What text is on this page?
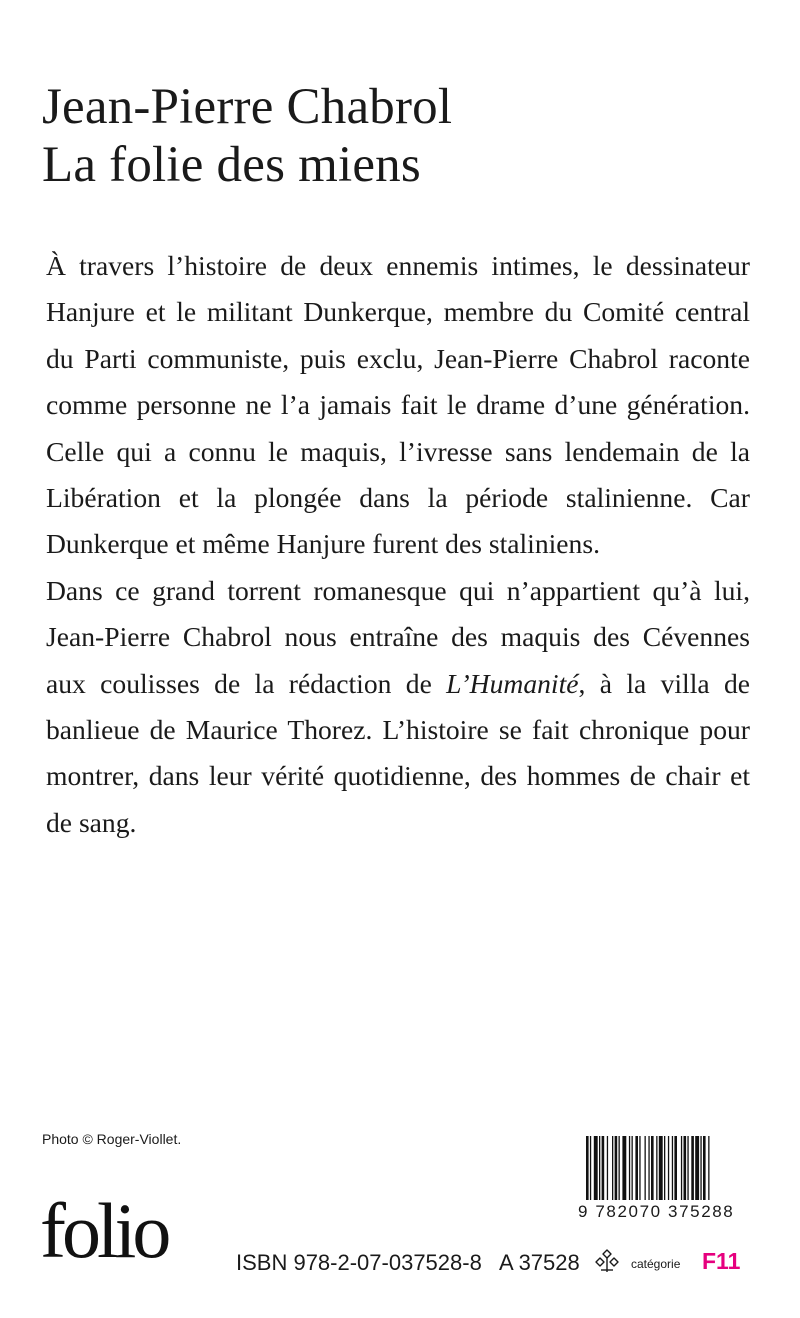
Jean-Pierre Chabrol
La folie des miens

À travers l’histoire de deux ennemis intimes, le dessinateur Hanjure et le militant Dunkerque, membre du Comité central du Parti communiste, puis exclu, Jean-Pierre Chabrol raconte comme personne ne l’a jamais fait le drame d’une génération. Celle qui a connu le maquis, l’ivresse sans lendemain de la Libération et la plongée dans la période stalinienne. Car Dunkerque et même Hanjure furent des staliniens.

Dans ce grand torrent romanesque qui n’appartient qu’à lui, Jean-Pierre Chabrol nous entraîne des maquis des Cévennes aux coulisses de la rédaction de L’Humanité, à la villa de banlieue de Maurice Thorez. L’histoire se fait chronique pour montrer, dans leur vérité quotidienne, des hommes de chair et de sang.

Photo © Roger-Viollet.
9 782070 375288
folio	ISBN 978-2-07-037528-8 A 37528	catégorie F11
